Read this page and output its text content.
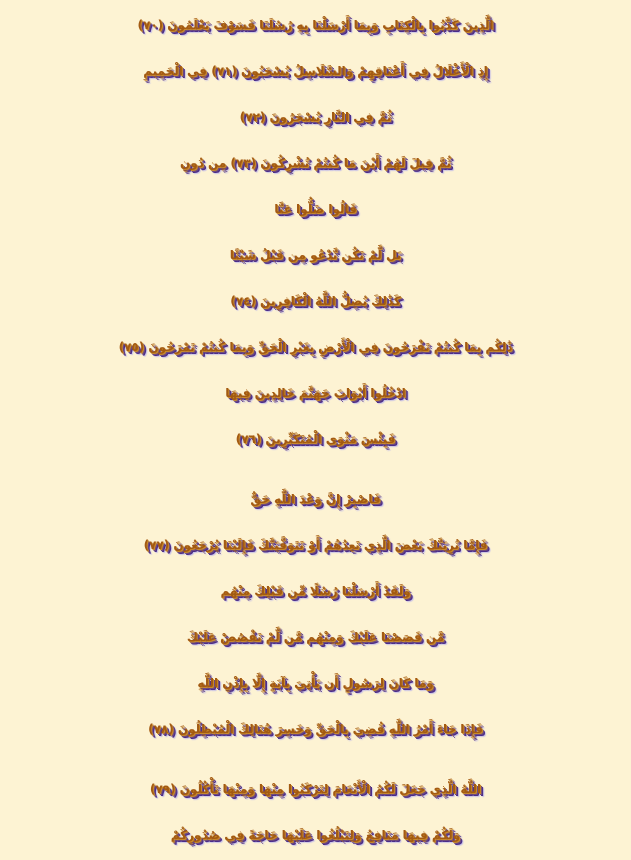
الَّذِينَ كَذَّبُوا بِالْكِتَابِ وَبِمَا أَرْسَلْنَا بِهِ رُسُلَنَا فَسَوْفَ يَعْلَمُونَ (٧٠)
إِذِ الْأَغْلَالُ فِي أَعْنَاقِهِمْ وَالسَّلَاسِلُ يُسْحَبُونَ (٧١) فِي الْحَمِيمِ
ثُمَّ فِي النَّارِ يُسْجَرُونَ (٧٢)
ثُمَّ قِيلَ لَهُمْ أَيْنَ مَا كُنتُمْ تُشْرِكُونَ (٧٣) مِن دُونِ
قَالُوا ضَلُّوا عَنَّا
بَل لَّمْ نَكُن نَّدْعُو مِن قَبْلُ شَيْئًا
كَذَٰلِكَ يُضِلُّ اللَّهُ الْكَافِرِينَ (٧٤)
ذَٰلِكُم بِمَا كُنتُمْ تَفْرَحُونَ فِي الْأَرْضِ بِغَيْرِ الْحَقِّ وَبِمَا كُنتُمْ تَمْرَحُونَ (٧٥)
ادْخُلُوا أَبْوَابَ جَهَنَّمَ خَالِدِينَ فِيهَا
فَبِئْسَ مَثْوَى الْمُتَكَبِّرِينَ (٧٦)
فَاصْبِرْ إِنَّ وَعْدَ اللَّهِ حَقٌّ
فَإِمَّا نُرِيَنَّكَ بَعْضَ الَّذِي نَعِدُهُمْ أَوْ نَتَوَفَّيَنَّكَ فَإِلَيْنَا يُرْجَعُونَ (٧٧)
وَلَقَدْ أَرْسَلْنَا رُسُلًا مِّن قَبْلِكَ مِنْهُم
مَّن قَصَصْنَا عَلَيْكَ وَمِنْهُم مَّن لَّمْ نَقْصُصْ عَلَيْكَ
وَمَا كَانَ لِرَسُولٍ أَن يَأْتِيَ بِآيَةٍ إِلَّا بِإِذْنِ اللَّهِ
فَإِذَا جَاءَ أَمْرُ اللَّهِ قُضِيَ بِالْحَقِّ وَخَسِرَ هُنَالِكَ الْمُبْطِلُونَ (٧٨)
اللَّهُ الَّذِي جَعَلَ لَكُمُ الْأَنْعَامَ لِتَرْكَبُوا مِنْهَا وَمِنْهَا تَأْكُلُونَ (٧٩)
وَلَكُمْ فِيهَا مَنَافِعُ وَلِتَبْلُغُوا عَلَيْهَا حَاجَةً فِي صُدُورِكُمْ
